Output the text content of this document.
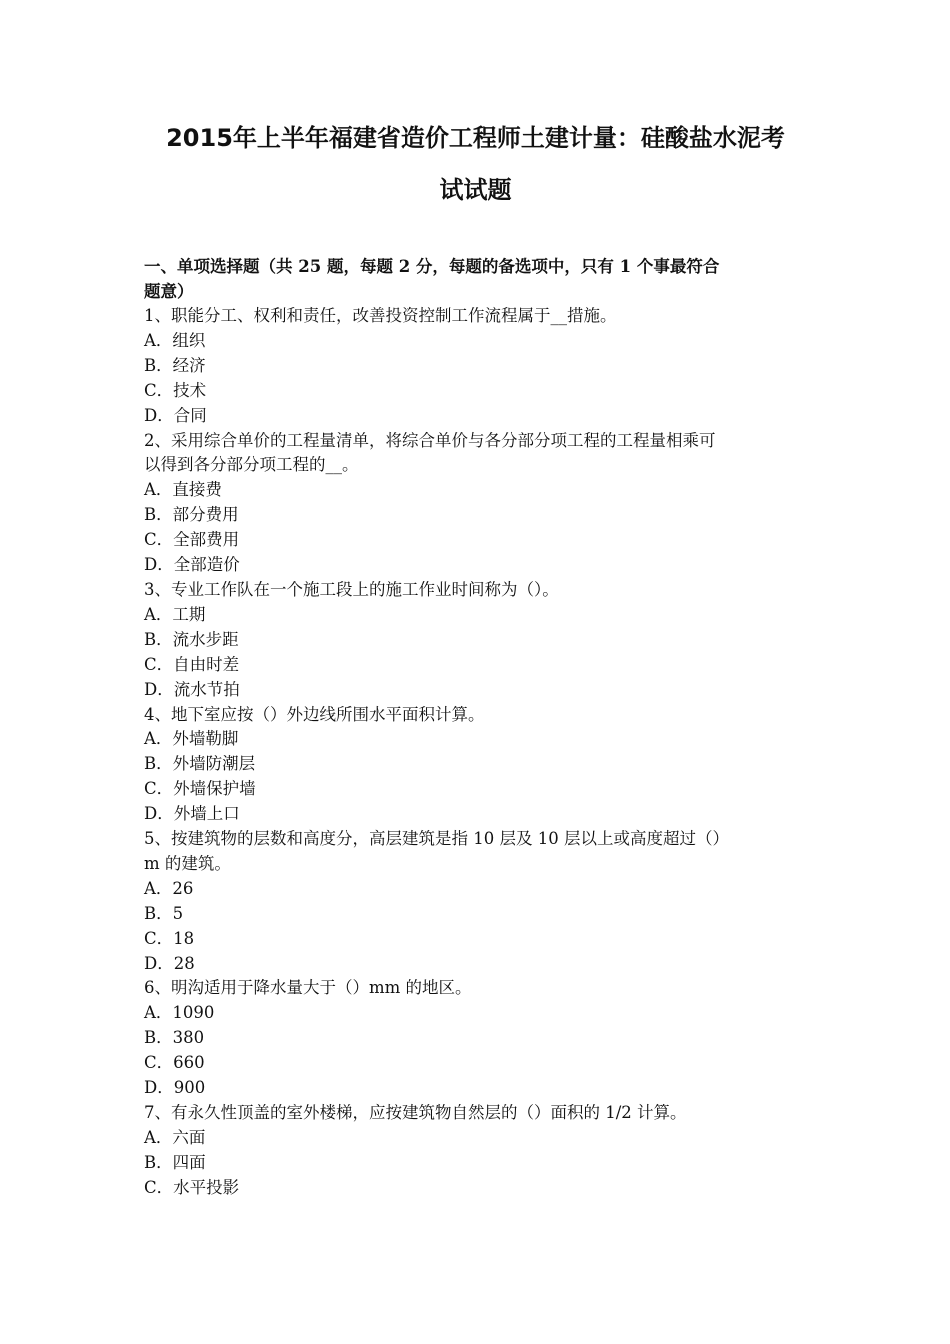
2015年上半年福建省造价工程师土建计量：硅酸盐水泥考
试试题
一、单项选择题（共 25 题，每题 2 分，每题的备选项中，只有 1 个事最符合
题意）
1、职能分工、权利和责任，改善投资控制工作流程属于__措施。
A．组织
B．经济
C．技术
D．合同
2、采用综合单价的工程量清单，将综合单价与各分部分项工程的工程量相乘可
以得到各分部分项工程的__。
A．直接费
B．部分费用
C．全部费用
D．全部造价
3、专业工作队在一个施工段上的施工作业时间称为（）。
A．工期
B．流水步距
C．自由时差
D．流水节拍
4、地下室应按（）外边线所围水平面积计算。
A．外墙勒脚
B．外墙防潮层
C．外墙保护墙
D．外墙上口
5、按建筑物的层数和高度分，高层建筑是指 10 层及 10 层以上或高度超过（）
m 的建筑。
A．26
B．5
C．18
D．28
6、明沟适用于降水量大于（）mm 的地区。
A．1090
B．380
C．660
D．900
7、有永久性顶盖的室外楼梯，应按建筑物自然层的（）面积的 1/2 计算。
A．六面
B．四面
C．水平投影
